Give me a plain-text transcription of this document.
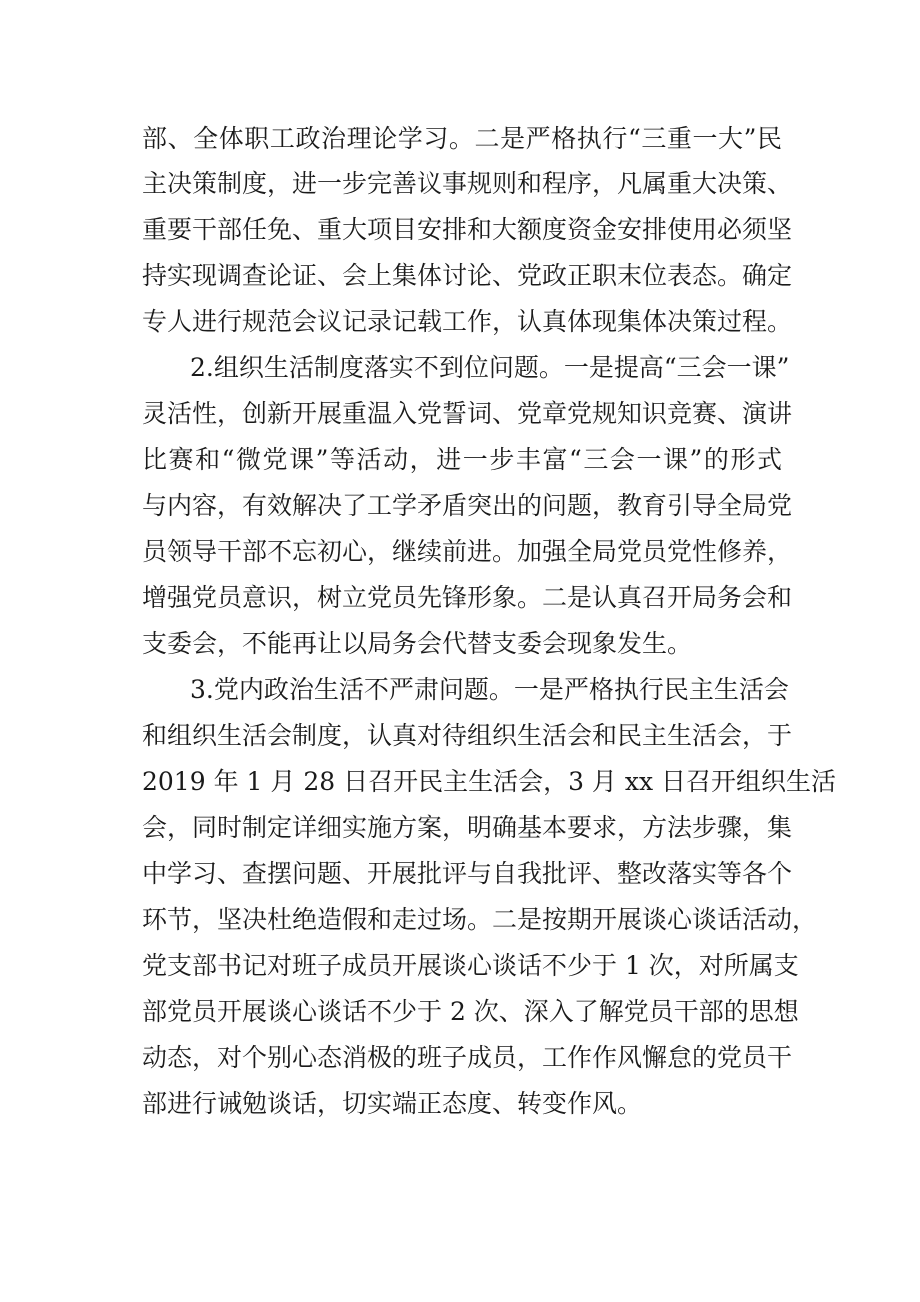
部、全体职工政治理论学习。二是严格执行“三重一大”民
主决策制度，进一步完善议事规则和程序，凡属重大决策、
重要干部任免、重大项目安排和大额度资金安排使用必须坚
持实现调查论证、会上集体讨论、党政正职末位表态。确定
专人进行规范会议记录记载工作，认真体现集体决策过程。
2.组织生活制度落实不到位问题。一是提高“三会一课”
灵活性，创新开展重温入党誓词、党章党规知识竞赛、演讲
比赛和“微党课”等活动，进一步丰富“三会一课”的形式
与内容，有效解决了工学矛盾突出的问题，教育引导全局党
员领导干部不忘初心，继续前进。加强全局党员党性修养，
增强党员意识，树立党员先锋形象。二是认真召开局务会和
支委会，不能再让以局务会代替支委会现象发生。
3.党内政治生活不严肃问题。一是严格执行民主生活会
和组织生活会制度，认真对待组织生活会和民主生活会，于
2019 年 1 月 28 日召开民主生活会，3 月 xx 日召开组织生活
会，同时制定详细实施方案，明确基本要求，方法步骤，集
中学习、查摆问题、开展批评与自我批评、整改落实等各个
环节，坚决杜绝造假和走过场。二是按期开展谈心谈话活动，
党支部书记对班子成员开展谈心谈话不少于 1 次，对所属支
部党员开展谈心谈话不少于 2 次、深入了解党员干部的思想
动态，对个别心态消极的班子成员，工作作风懈怠的党员干
部进行诫勉谈话，切实端正态度、转变作风。
